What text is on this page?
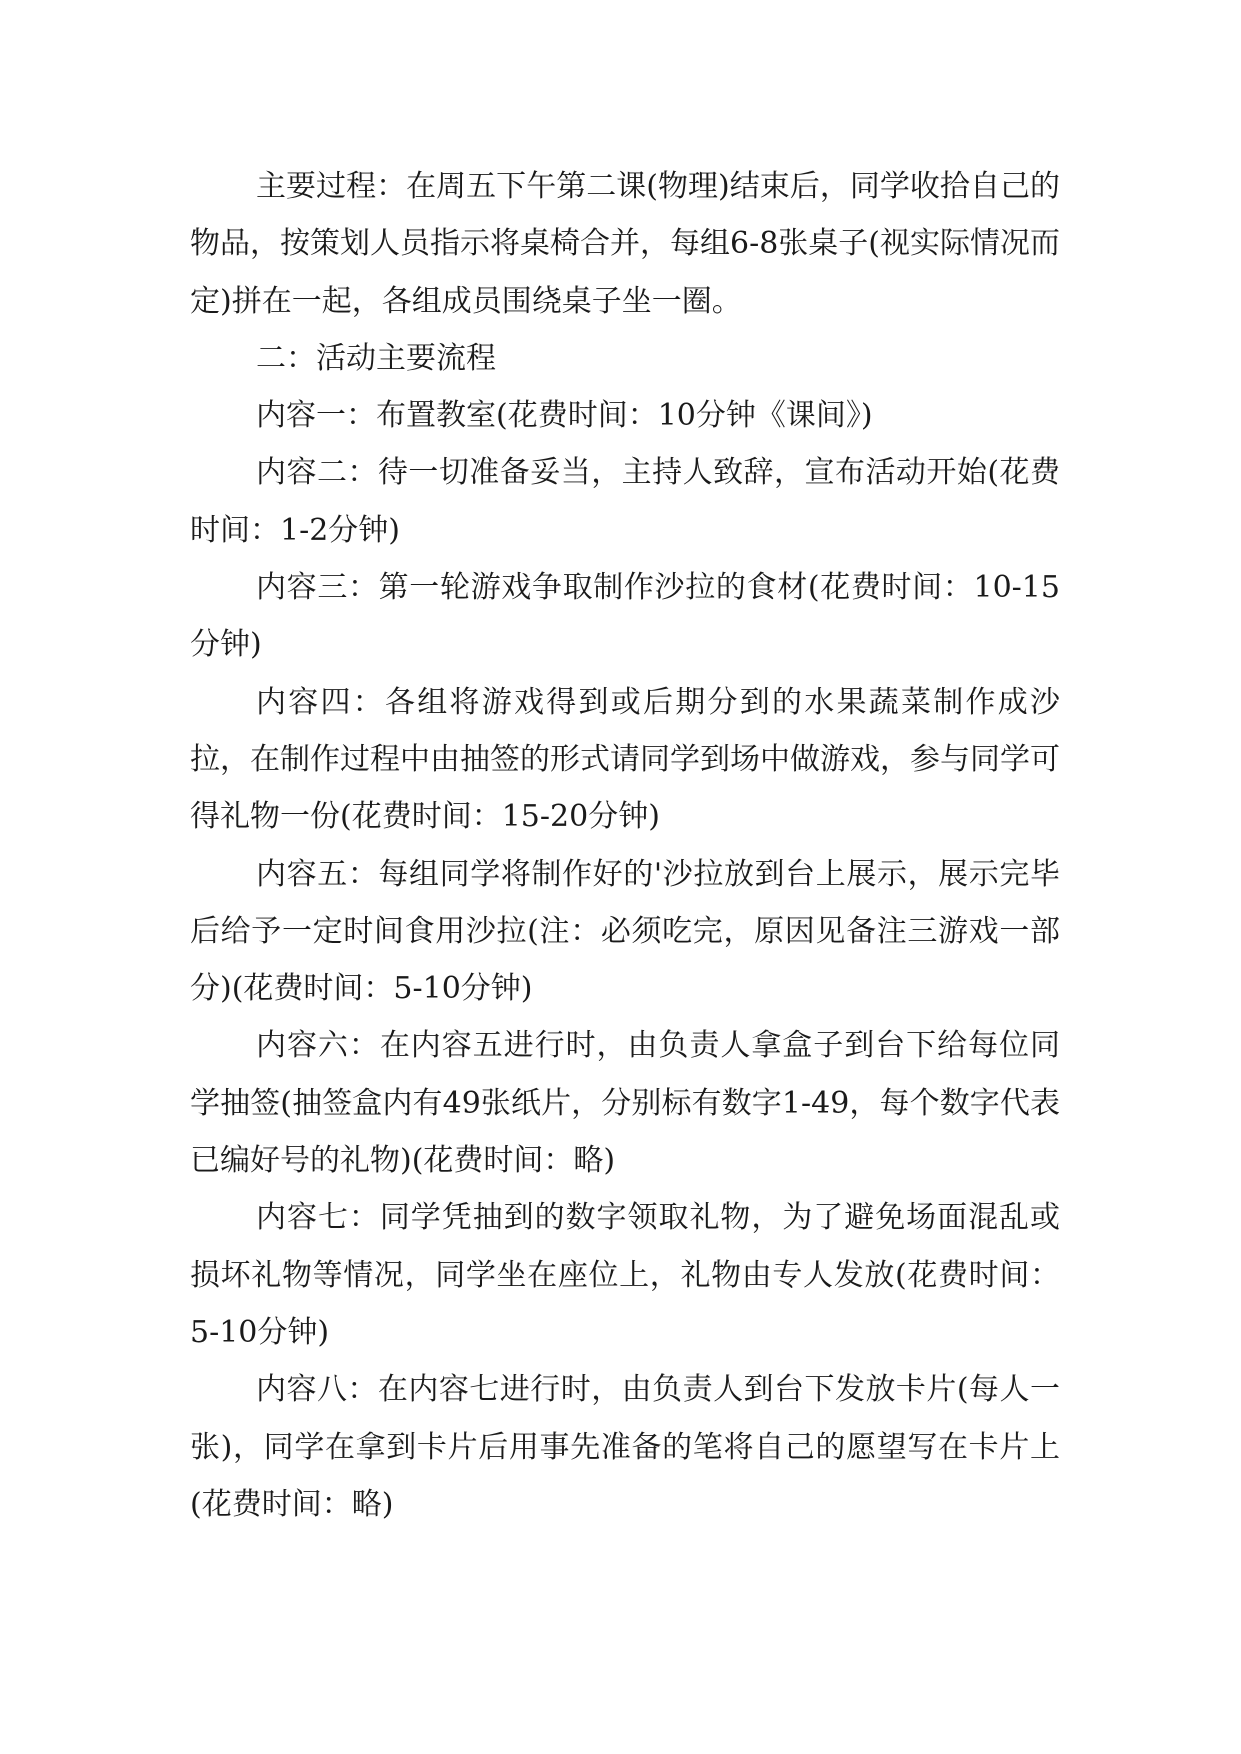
主要过程：在周五下午第二课(物理)结束后，同学收拾自己的物品，按策划人员指示将桌椅合并，每组6-8张桌子(视实际情况而定)拼在一起，各组成员围绕桌子坐一圈。

二：活动主要流程

内容一：布置教室(花费时间：10分钟《课间》)

内容二：待一切准备妥当，主持人致辞，宣布活动开始(花费时间：1-2分钟)

内容三：第一轮游戏争取制作沙拉的食材(花费时间：10-15分钟)

内容四：各组将游戏得到或后期分到的水果蔬菜制作成沙拉，在制作过程中由抽签的形式请同学到场中做游戏，参与同学可得礼物一份(花费时间：15-20分钟)

内容五：每组同学将制作好的'沙拉放到台上展示，展示完毕后给予一定时间食用沙拉(注：必须吃完，原因见备注三游戏一部分)(花费时间：5-10分钟)

内容六：在内容五进行时，由负责人拿盒子到台下给每位同学抽签(抽签盒内有49张纸片，分别标有数字1-49，每个数字代表已编好号的礼物)(花费时间：略)

内容七：同学凭抽到的数字领取礼物，为了避免场面混乱或损坏礼物等情况，同学坐在座位上，礼物由专人发放(花费时间：5-10分钟)

内容八：在内容七进行时，由负责人到台下发放卡片(每人一张)，同学在拿到卡片后用事先准备的笔将自己的愿望写在卡片上(花费时间：略)
